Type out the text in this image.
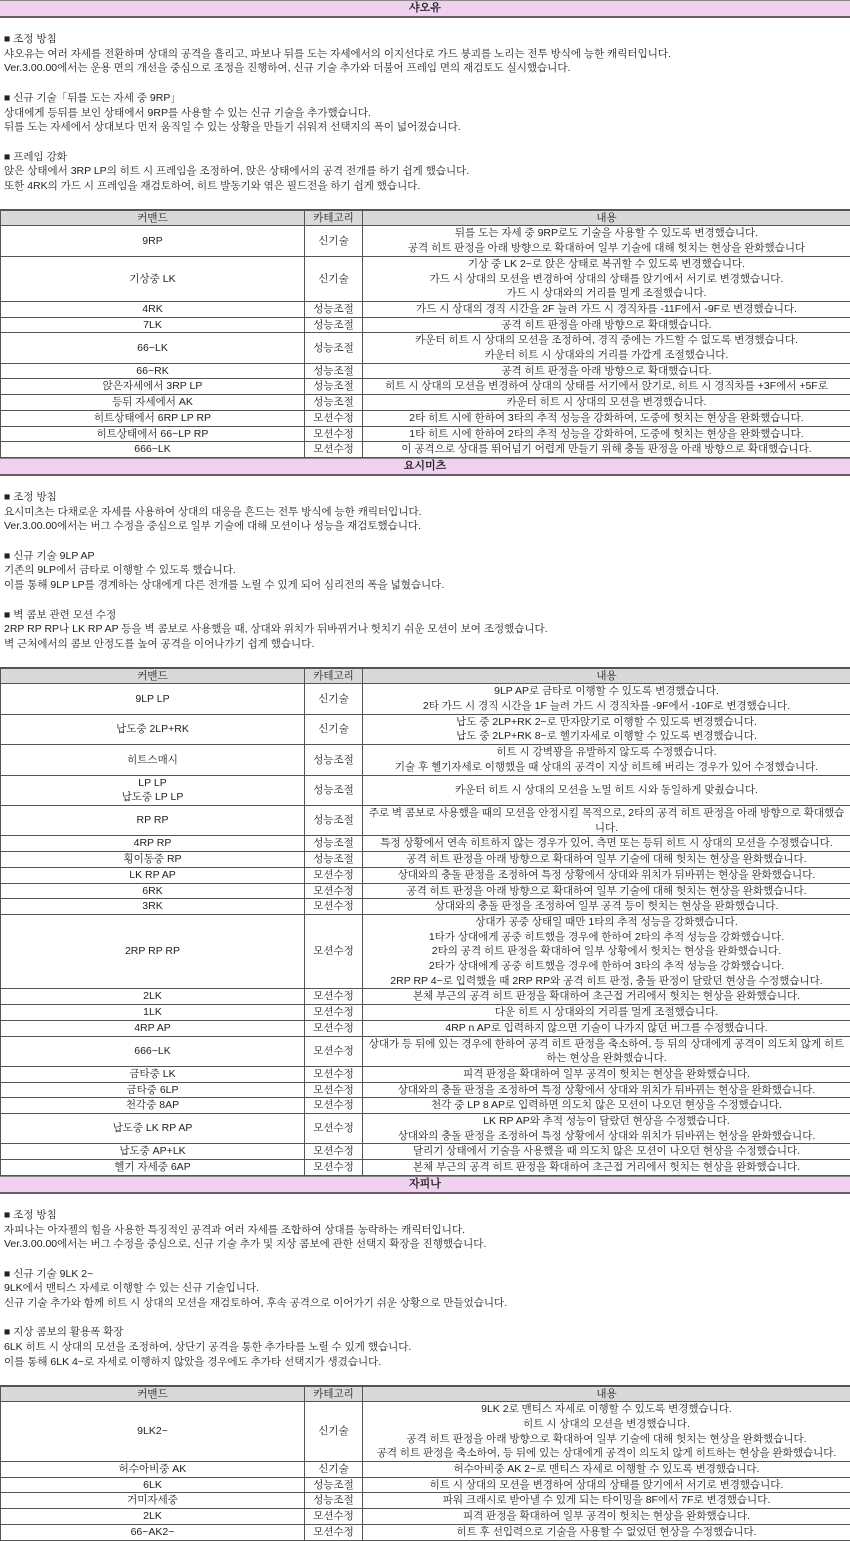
샤오유
■ 조정 방침
샤오유는 여러 자세를 전환하며 상대의 공격을 흘리고, 파보나 뒤를 도는 자세에서의 이지선다로 가드 붕괴를 노리는 전투 방식에 능한 캐릭터입니다.
Ver.3.00.00에서는 운용 면의 개선을 중심으로 조정을 진행하여, 신규 기술 추가와 더불어 프레임 면의 재검토도 실시했습니다.
■ 신규 기술「뒤를 도는 자세 중 9RP」
상대에게 등뒤를 보인 상태에서 9RP를 사용할 수 있는 신규 기술을 추가했습니다.
뒤를 도는 자세에서 상대보다 먼저 움직일 수 있는 상황을 만들기 쉬워져 선택지의 폭이 넓어졌습니다.
■ 프레임 강화
앉은 상태에서 3RP LP의 히트 시 프레임을 조정하여, 앉은 상태에서의 공격 전개를 하기 쉽게 했습니다.
또한 4RK의 가드 시 프레임을 재검토하여, 히트 발동기와 엮은 필드전을 하기 쉽게 했습니다.
커맨드	카테고리	내용
9RP	신기술	뒤를 도는 자세 중 9RP로도 기술을 사용할 수 있도록 변경했습니다.
공격 히트 판정을 아래 방향으로 확대하여 일부 기술에 대해 헛치는 현상을 완화했습니다

기상중 LK	신기술	기상 중 LK 2~로 앉은 상태로 복귀할 수 있도록 변경했습니다.
가드 시 상대의 모션을 변경하여 상대의 상태를 앉기에서 서기로 변경했습니다.
가드 시 상대와의 거리를 멀게 조절했습니다.

4RK	성능조절	가드 시 상대의 경직 시간을 2F 늘려 가드 시 경직차를 -11F에서 -9F로 변경했습니다.

7LK	성능조절	공격 히트 판정을 아래 방향으로 확대했습니다.

66~LK	성능조절	카운터 히트 시 상대의 모션을 조정하여, 경직 중에는 가드할 수 없도록 변경했습니다.
카운터 히트 시 상대와의 거리를 가깝게 조절했습니다.

66~RK	성능조절	공격 히트 판정을 아래 방향으로 확대했습니다.

앉은자세에서 3RP LP	성능조절	히트 시 상대의 모션을 변경하여 상대의 상태를 서기에서 앉기로, 히트 시 경직차를 +3F에서 +5F로

등뒤 자세에서 AK	성능조절	카운터 히트 시 상대의 모션을 변경했습니다.

히트상태에서 6RP LP RP	모션수정	2타 히트 시에 한하여 3타의 추적 성능을 강화하여, 도중에 헛치는 현상을 완화했습니다.

히트상태에서 66~LP RP	모션수정	1타 히트 시에 한하여 2타의 추적 성능을 강화하여, 도중에 헛치는 현상을 완화했습니다.

666~LK	모션수정	이 공격으로 상대를 뛰어넘기 어렵게 만들기 위해 충돌 판정을 아래 방향으로 확대했습니다.
요시미츠
■ 조정 방침
요시미츠는 다채로운 자세를 사용하여 상대의 대응을 흔드는 전투 방식에 능한 캐릭터입니다.
Ver.3.00.00에서는 버그 수정을 중심으로 일부 기술에 대해 모션이나 성능을 재검토했습니다.
■ 신규 기술 9LP AP
기존의 9LP에서 금타로 이행할 수 있도록 했습니다.
이를 통해 9LP LP를 경계하는 상대에게 다른 전개를 노릴 수 있게 되어 심리전의 폭을 넓혔습니다.
■ 벽 콤보 관련 모션 수정
2RP RP RP나 LK RP AP 등을 벽 콤보로 사용했을 때, 상대와 위치가 뒤바뀌거나 헛치기 쉬운 모션이 보여 조정했습니다.
벽 근처에서의 콤보 안정도를 높여 공격을 이어나가기 쉽게 했습니다.
커맨드	카테고리	내용
9LP LP	신기술	9LP AP로 금타로 이행할 수 있도록 변경했습니다.
2타 가드 시 경직 시간을 1F 늘려 가드 시 경직차를 -9F에서 -10F로 변경했습니다.

납도중 2LP+RK	신기술	납도 중 2LP+RK 2~로 만자앉기로 이행할 수 있도록 변경했습니다.
납도 중 2LP+RK 8~로 헬기자세로 이행할 수 있도록 변경했습니다.

히트스매시	성능조절	히트 시 강벽꽝을 유발하지 않도록 수정했습니다.
기술 후 헬기자세로 이행했을 때 상대의 공격이 지상 히트해 버리는 경우가 있어 수정했습니다.

LP LP
납도중 LP LP	성능조절	카운터 히트 시 상대의 모션을 노멀 히트 시와 동일하게 맞췄습니다.

RP RP	성능조절	주로 벽 콤보로 사용했을 때의 모션을 안정시킬 목적으로, 2타의 공격 히트 판정을 아래 방향으로 확대했습니다.

4RP RP	성능조절	특정 상황에서 연속 히트하지 않는 경우가 있어, 측면 또는 등뒤 히트 시 상대의 모션을 수정했습니다.

횡이동중 RP	성능조절	공격 히트 판정을 아래 방향으로 확대하여 일부 기술에 대해 헛치는 현상을 완화했습니다.

LK RP AP	모션수정	상대와의 충돌 판정을 조정하여 특정 상황에서 상대와 위치가 뒤바뀌는 현상을 완화했습니다.

6RK	모션수정	공격 히트 판정을 아래 방향으로 확대하여 일부 기술에 대해 헛치는 현상을 완화했습니다.

3RK	모션수정	상대와의 충돌 판정을 조정하여 일부 공격 등이 헛치는 현상을 완화했습니다.

2RP RP RP	모션수정	상대가 공중 상태일 때만 1타의 추적 성능을 강화했습니다.
1타가 상대에게 공중 히트했을 경우에 한하여 2타의 추적 성능을 강화했습니다.
2타의 공격 히트 판정을 확대하여 일부 상황에서 헛치는 현상을 완화했습니다.
2타가 상대에게 공중 히트했을 경우에 한하여 3타의 추적 성능을 강화했습니다.
2RP RP 4~로 입력했을 때 2RP RP와 공격 히트 판정, 충돌 판정이 달랐던 현상을 수정했습니다.

2LK	모션수정	본체 부근의 공격 히트 판정을 확대하여 초근접 거리에서 헛치는 현상을 완화했습니다.

1LK	모션수정	다운 히트 시 상대와의 거리를 멀게 조절했습니다.

4RP AP	모션수정	4RP n AP로 입력하지 않으면 기술이 나가지 않던 버그를 수정했습니다.

666~LK	모션수정	상대가 등 뒤에 있는 경우에 한하여 공격 히트 판정을 축소하여, 등 뒤의 상대에게 공격이 의도치 않게 히트하는 현상을 완화했습니다.

금타중 LK	모션수정	피격 판정을 확대하여 일부 공격이 헛치는 현상을 완화했습니다.

금타중 6LP	모션수정	상대와의 충돌 판정을 조정하여 특정 상황에서 상대와 위치가 뒤바뀌는 현상을 완화했습니다.

천각중 8AP	모션수정	천각 중 LP 8 AP로 입력하면 의도치 않은 모션이 나오던 현상을 수정했습니다.

납도중 LK RP AP	모션수정	LK RP AP와 추적 성능이 달랐던 현상을 수정했습니다.
상대와의 충돌 판정을 조정하여 특정 상황에서 상대와 위치가 뒤바뀌는 현상을 완화했습니다.

납도중 AP+LK	모션수정	달리기 상태에서 기술을 사용했을 때 의도치 않은 모션이 나오던 현상을 수정했습니다.

헬기 자세중 6AP	모션수정	본체 부근의 공격 히트 판정을 확대하여 초근접 거리에서 헛치는 현상을 완화했습니다.
자피나
■ 조정 방침
자피나는 아자젤의 힘을 사용한 특징적인 공격과 여러 자세를 조합하여 상대를 농락하는 캐릭터입니다.
Ver.3.00.00에서는 버그 수정을 중심으로, 신규 기술 추가 및 지상 콤보에 관한 선택지 확장을 진행했습니다.
■ 신규 기술 9LK 2~
9LK에서 맨티스 자세로 이행할 수 있는 신규 기술입니다.
신규 기술 추가와 함께 히트 시 상대의 모션을 재검토하여, 후속 공격으로 이어가기 쉬운 상황으로 만들었습니다.
■ 지상 콤보의 활용폭 확장
6LK 히트 시 상대의 모션을 조정하여, 상단기 공격을 통한 추가타를 노릴 수 있게 했습니다.
이를 통해 6LK 4~로 자세로 이행하지 않았을 경우에도 추가타 선택지가 생겼습니다.
커맨드	카테고리	내용
9LK2~	신기술	9LK 2로 맨티스 자세로 이행할 수 있도록 변경했습니다.
히트 시 상대의 모션을 변경했습니다.
공격 히트 판정을 아래 방향으로 확대하여 일부 기술에 대해 헛치는 현상을 완화했습니다.
공격 히트 판정을 축소하여, 등 뒤에 있는 상대에게 공격이 의도치 않게 히트하는 현상을 완화했습니다.

허수아비중 AK	신기술	허수아비중 AK 2~로 맨티스 자세로 이행할 수 있도록 변경했습니다.

6LK	성능조절	히트 시 상대의 모션을 변경하여 상대의 상태를 앉기에서 서기로 변경했습니다.

거미자세중	성능조절	파워 크래시로 받아낼 수 있게 되는 타이밍을 8F에서 7F로 변경했습니다.

2LK	모션수정	피격 판정을 확대하여 일부 공격이 헛치는 현상을 완화했습니다.

66~AK2~	모션수정	히트 후 선입력으로 기술을 사용할 수 없었던 현상을 수정했습니다.
